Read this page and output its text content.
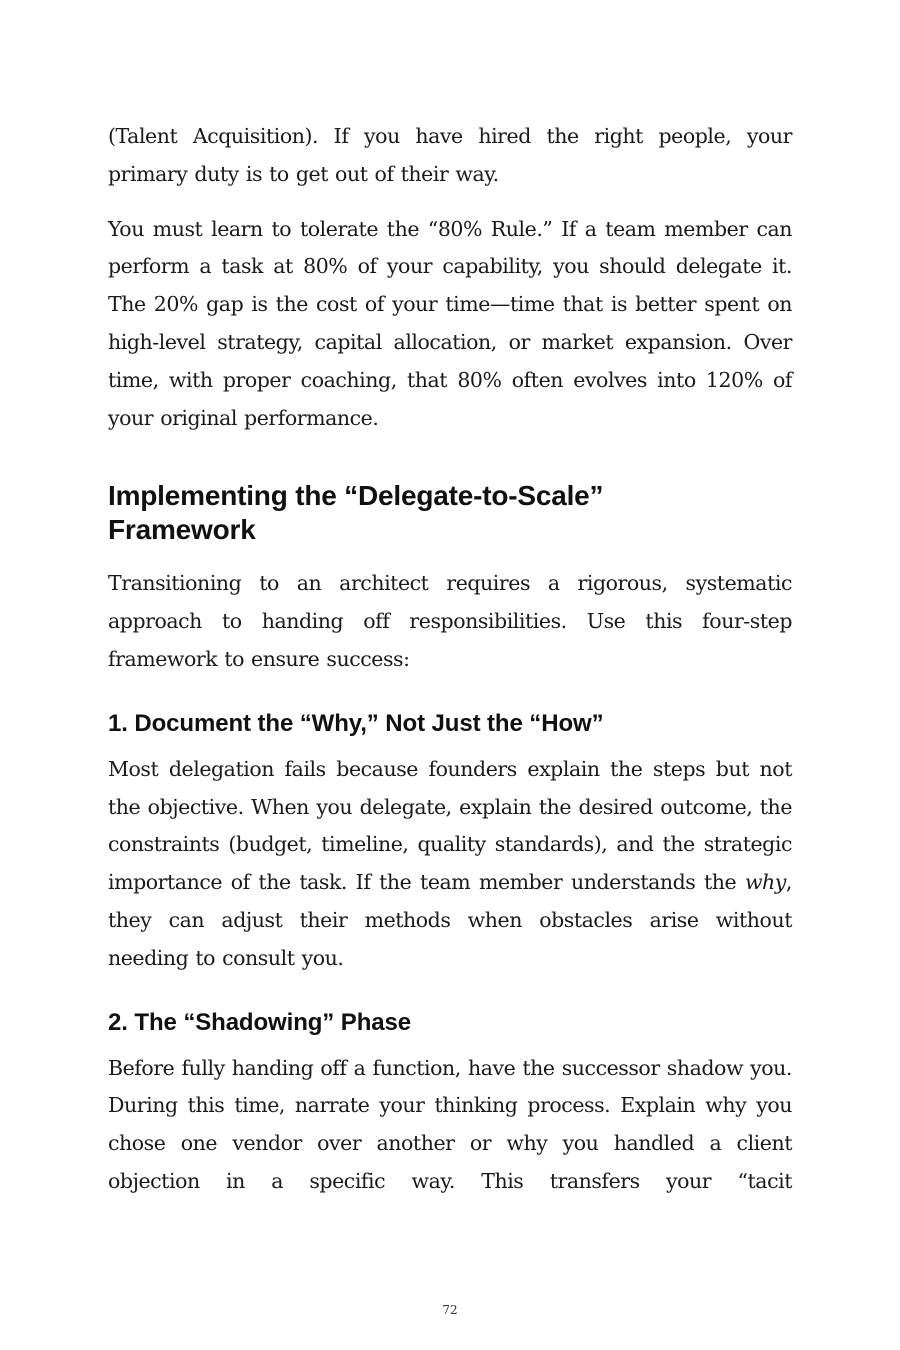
(Talent Acquisition). If you have hired the right people, your primary duty is to get out of their way.

You must learn to tolerate the “80% Rule.” If a team member can perform a task at 80% of your capability, you should delegate it. The 20% gap is the cost of your time—time that is better spent on high-level strategy, capital allocation, or market expansion. Over time, with proper coaching, that 80% often evolves into 120% of your original performance.

Implementing the “Delegate-to-Scale”
Framework

Transitioning to an architect requires a rigorous, systematic approach to handing off responsibilities. Use this four-step framework to ensure success:

1. Document the “Why,” Not Just the “How”

Most delegation fails because founders explain the steps but not the objective. When you delegate, explain the desired outcome, the constraints (budget, timeline, quality standards), and the strategic importance of the task. If the team member understands the why, they can adjust their methods when obstacles arise without needing to consult you.

2. The “Shadowing” Phase

Before fully handing off a function, have the successor shadow you. During this time, narrate your thinking process. Explain why you chose one vendor over another or why you handled a client objection in a specific way. This transfers your “tacit

72
